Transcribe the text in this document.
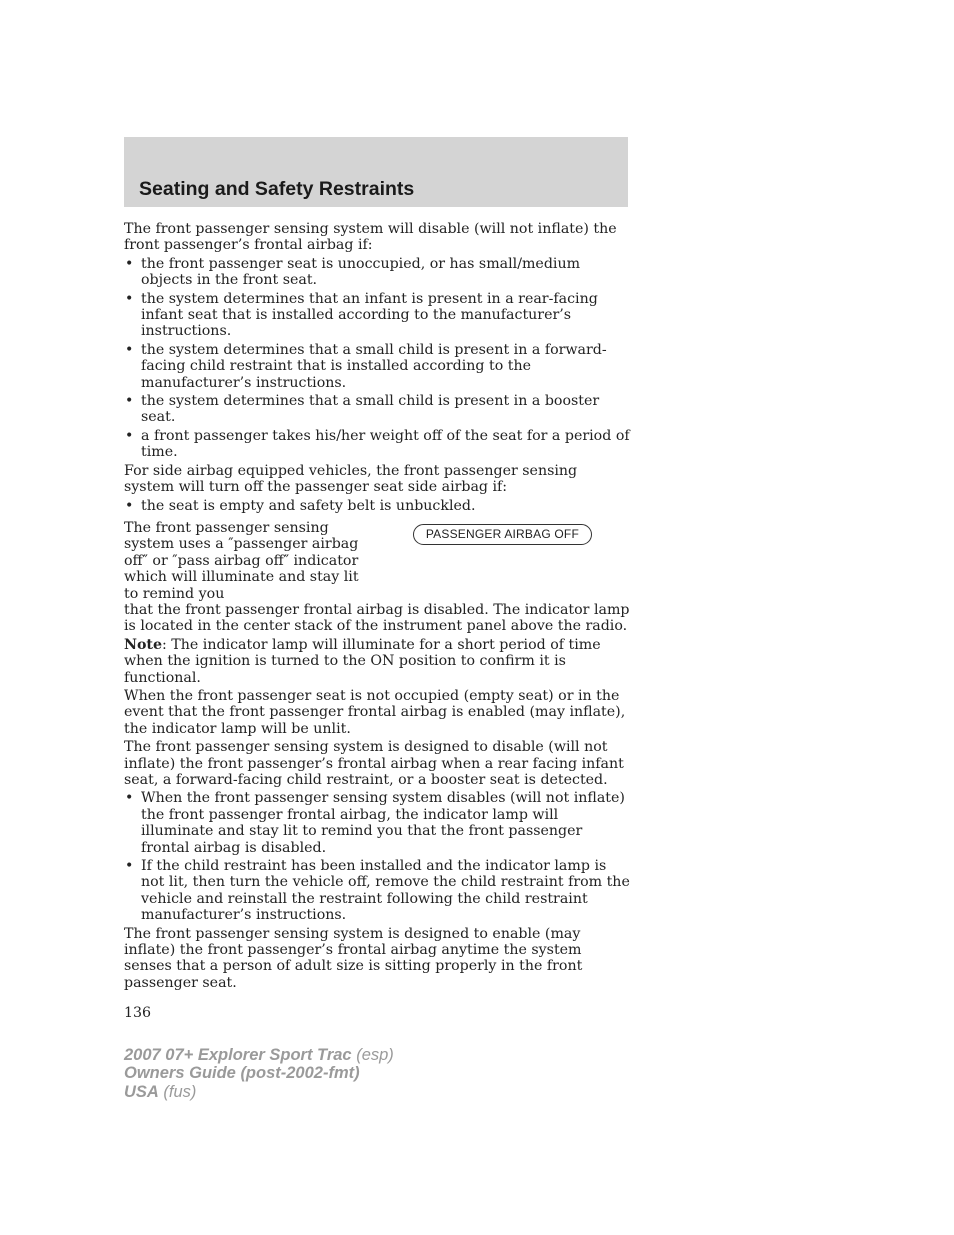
Seating and Safety Restraints

The front passenger sensing system will disable (will not inflate) the front passenger’s frontal airbag if:

• the front passenger seat is unoccupied, or has small/medium objects in the front seat.
• the system determines that an infant is present in a rear-facing infant seat that is installed according to the manufacturer’s instructions.
• the system determines that a small child is present in a forward-facing child restraint that is installed according to the manufacturer’s instructions.
• the system determines that a small child is present in a booster seat.
• a front passenger takes his/her weight off of the seat for a period of time.

For side airbag equipped vehicles, the front passenger sensing system will turn off the passenger seat side airbag if:

• the seat is empty and safety belt is unbuckled.
PASSENGER AIRBAG OFF
The front passenger sensing system uses a ″passenger airbag off″ or ″pass airbag off″ indicator which will illuminate and stay lit to remind you

that the front passenger frontal airbag is disabled. The indicator lamp is located in the center stack of the instrument panel above the radio.

Note: The indicator lamp will illuminate for a short period of time when the ignition is turned to the ON position to confirm it is functional.

When the front passenger seat is not occupied (empty seat) or in the event that the front passenger frontal airbag is enabled (may inflate), the indicator lamp will be unlit.

The front passenger sensing system is designed to disable (will not inflate) the front passenger’s frontal airbag when a rear facing infant seat, a forward-facing child restraint, or a booster seat is detected.

• When the front passenger sensing system disables (will not inflate) the front passenger frontal airbag, the indicator lamp will illuminate and stay lit to remind you that the front passenger frontal airbag is disabled.
• If the child restraint has been installed and the indicator lamp is not lit, then turn the vehicle off, remove the child restraint from the vehicle and reinstall the restraint following the child restraint manufacturer’s instructions.

The front passenger sensing system is designed to enable (may inflate) the front passenger’s frontal airbag anytime the system senses that a person of adult size is sitting properly in the front passenger seat.

136
2007 07+ Explorer Sport Trac (esp)
Owners Guide (post-2002-fmt)
USA (fus)
